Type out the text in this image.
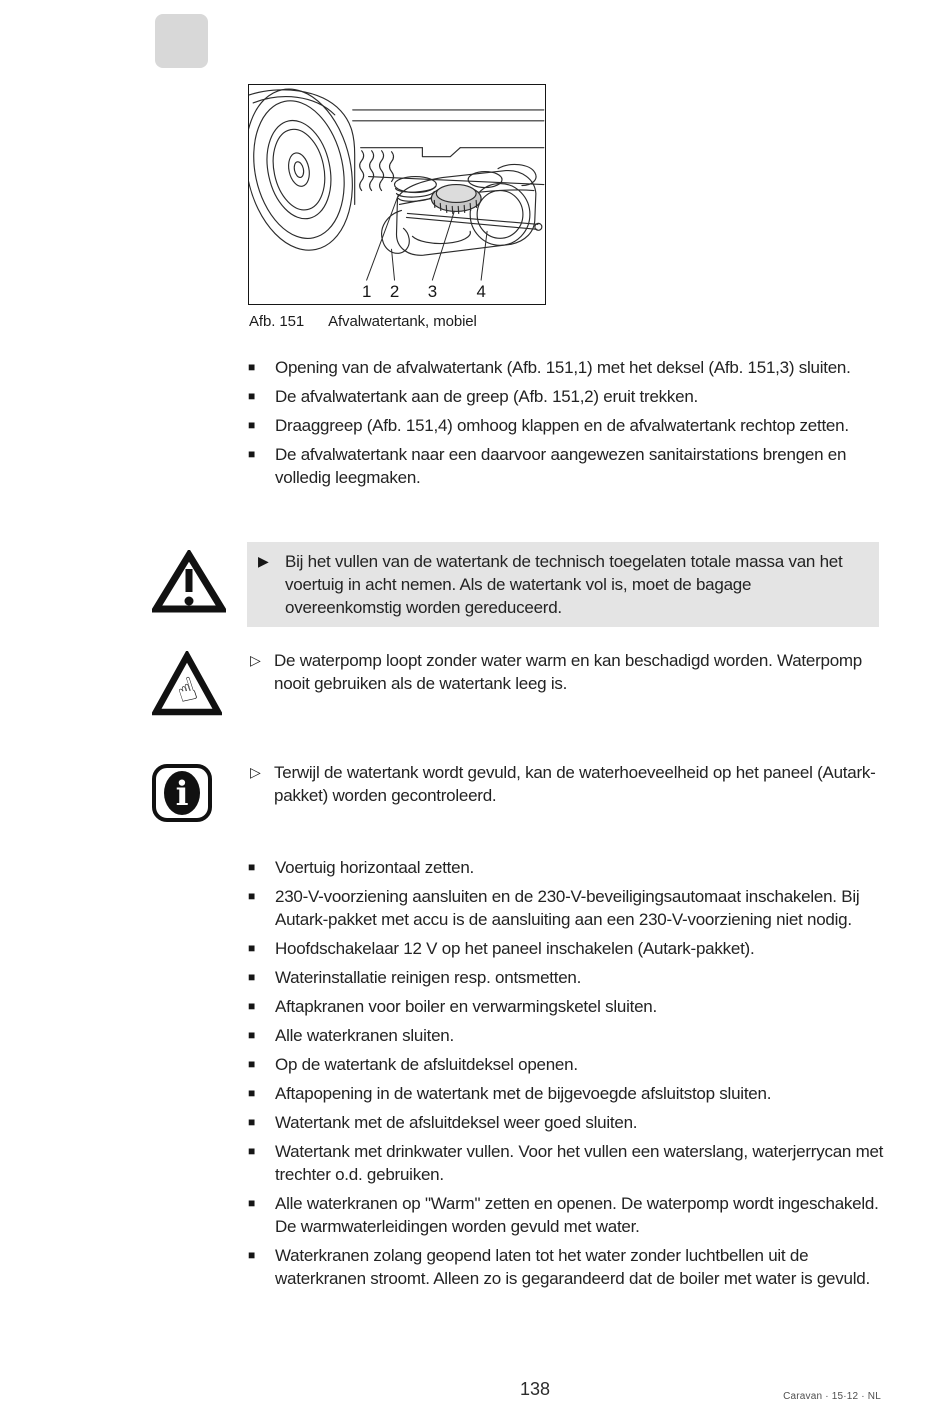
1 2 3 4
Afb. 151 Afvalwatertank, mobiel
■ Opening van de afvalwatertank (Afb. 151,1) met het deksel (Afb. 151,3) sluiten.
■ De afvalwatertank aan de greep (Afb. 151,2) eruit trekken.
■ Draaggreep (Afb. 151,4) omhoog klappen en de afvalwatertank rechtop zetten.
■ De afvalwatertank naar een daarvoor aangewezen sanitairstations brengen en volledig leegmaken.
▶ Bij het vullen van de watertank de technisch toegelaten totale massa van het voertuig in acht nemen. Als de watertank vol is, moet de bagage overeenkomstig worden gereduceerd.
☝
▷ De waterpomp loopt zonder water warm en kan beschadigd worden. Waterpomp nooit gebruiken als de watertank leeg is.
i
▷ Terwijl de watertank wordt gevuld, kan de waterhoeveelheid op het paneel (Autark-pakket) worden gecontroleerd.
■ Voertuig horizontaal zetten.
■ 230-V-voorziening aansluiten en de 230-V-beveiligingsautomaat inschakelen. Bij Autark-pakket met accu is de aansluiting aan een 230-V-voorziening niet nodig.
■ Hoofdschakelaar 12 V op het paneel inschakelen (Autark-pakket).
■ Waterinstallatie reinigen resp. ontsmetten.
■ Aftapkranen voor boiler en verwarmingsketel sluiten.
■ Alle waterkranen sluiten.
■ Op de watertank de afsluitdeksel openen.
■ Aftapopening in de watertank met de bijgevoegde afsluitstop sluiten.
■ Watertank met de afsluitdeksel weer goed sluiten.
■ Watertank met drinkwater vullen. Voor het vullen een waterslang, waterjerrycan met trechter o.d. gebruiken.
■ Alle waterkranen op "Warm" zetten en openen. De waterpomp wordt ingeschakeld. De warmwaterleidingen worden gevuld met water.
■ Waterkranen zolang geopend laten tot het water zonder luchtbellen uit de waterkranen stroomt. Alleen zo is gegarandeerd dat de boiler met water is gevuld.
138	Caravan · 15·12 · NL
